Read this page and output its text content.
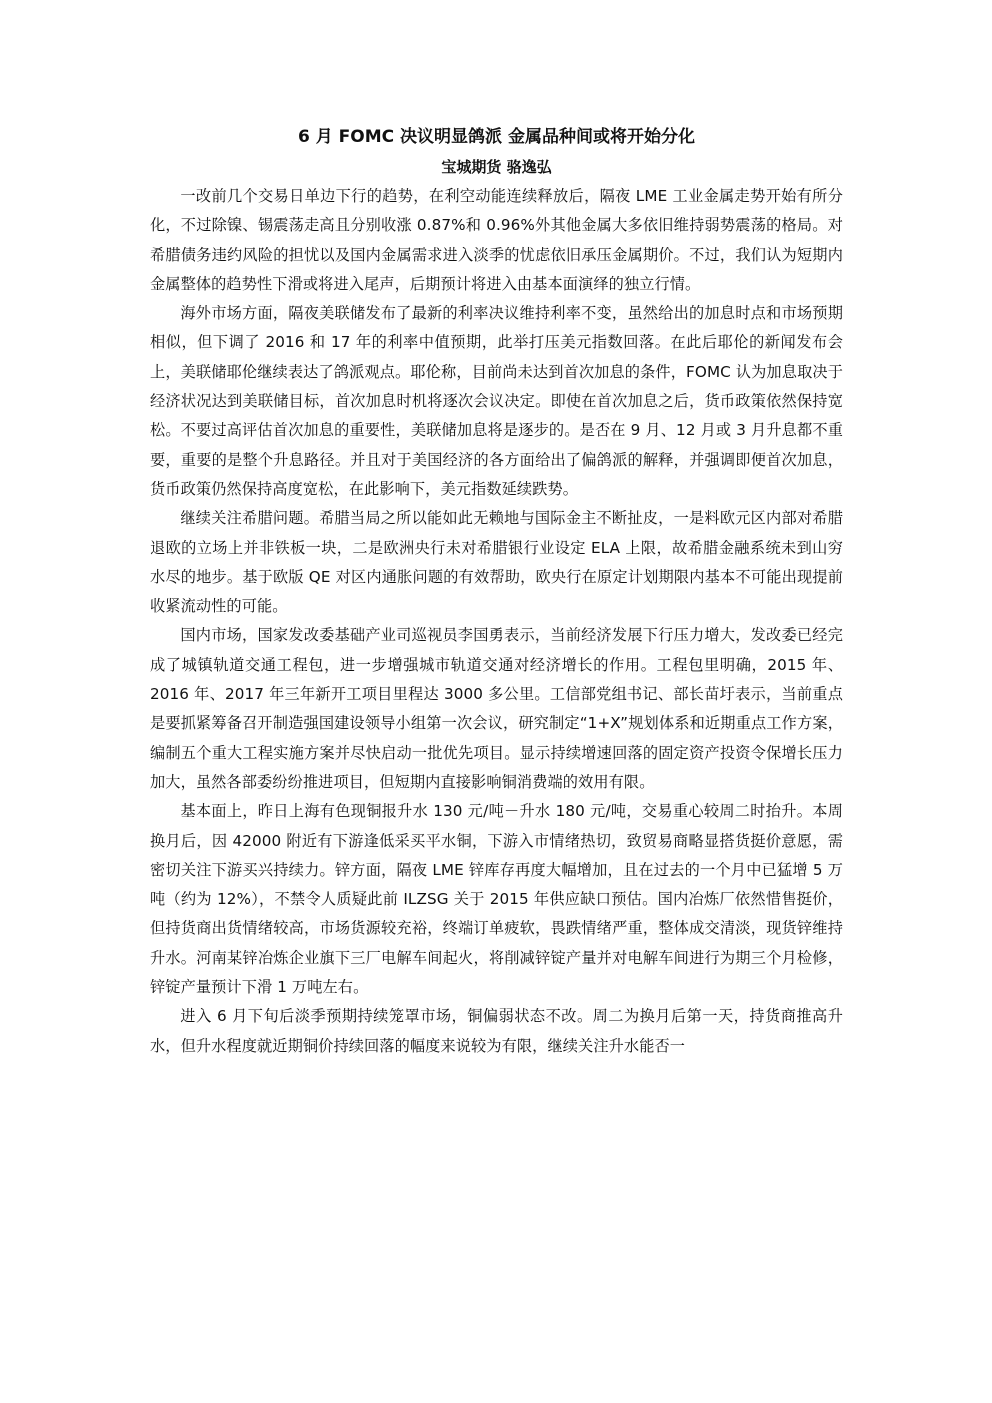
6 月 FOMC 决议明显鸽派 金属品种间或将开始分化
宝城期货 骆逸弘

一改前几个交易日单边下行的趋势，在利空动能连续释放后，隔夜 LME 工业金属走势开始有所分化，不过除镍、锡震荡走高且分别收涨 0.87%和 0.96%外其他金属大多依旧维持弱势震荡的格局。对希腊债务违约风险的担忧以及国内金属需求进入淡季的忧虑依旧承压金属期价。不过，我们认为短期内金属整体的趋势性下滑或将进入尾声，后期预计将进入由基本面演绎的独立行情。

海外市场方面，隔夜美联储发布了最新的利率决议维持利率不变，虽然给出的加息时点和市场预期相似，但下调了 2016 和 17 年的利率中值预期，此举打压美元指数回落。在此后耶伦的新闻发布会上，美联储耶伦继续表达了鸽派观点。耶伦称，目前尚未达到首次加息的条件，FOMC 认为加息取决于经济状况达到美联储目标，首次加息时机将逐次会议决定。即使在首次加息之后，货币政策依然保持宽松。不要过高评估首次加息的重要性，美联储加息将是逐步的。是否在 9 月、12 月或 3 月升息都不重要，重要的是整个升息路径。并且对于美国经济的各方面给出了偏鸽派的解释，并强调即便首次加息，货币政策仍然保持高度宽松，在此影响下，美元指数延续跌势。

继续关注希腊问题。希腊当局之所以能如此无赖地与国际金主不断扯皮，一是料欧元区内部对希腊退欧的立场上并非铁板一块，二是欧洲央行未对希腊银行业设定 ELA 上限，故希腊金融系统未到山穷水尽的地步。基于欧版 QE 对区内通胀问题的有效帮助，欧央行在原定计划期限内基本不可能出现提前收紧流动性的可能。

国内市场，国家发改委基础产业司巡视员李国勇表示，当前经济发展下行压力增大，发改委已经完成了城镇轨道交通工程包，进一步增强城市轨道交通对经济增长的作用。工程包里明确，2015 年、2016 年、2017 年三年新开工项目里程达 3000 多公里。工信部党组书记、部长苗圩表示，当前重点是要抓紧筹备召开制造强国建设领导小组第一次会议，研究制定“1+X”规划体系和近期重点工作方案，编制五个重大工程实施方案并尽快启动一批优先项目。显示持续增速回落的固定资产投资令保增长压力加大，虽然各部委纷纷推进项目，但短期内直接影响铜消费端的效用有限。

基本面上，昨日上海有色现铜报升水 130 元/吨－升水 180 元/吨，交易重心较周二时抬升。本周换月后，因 42000 附近有下游逢低采买平水铜，下游入市情绪热切，致贸易商略显搭货挺价意愿，需密切关注下游买兴持续力。锌方面，隔夜 LME 锌库存再度大幅增加，且在过去的一个月中已猛增 5 万吨（约为 12%），不禁令人质疑此前 ILZSG 关于 2015 年供应缺口预估。国内冶炼厂依然惜售挺价，但持货商出货情绪较高，市场货源较充裕，终端订单疲软，畏跌情绪严重，整体成交清淡，现货锌维持升水。河南某锌冶炼企业旗下三厂电解车间起火，将削减锌锭产量并对电解车间进行为期三个月检修，锌锭产量预计下滑 1 万吨左右。

进入 6 月下旬后淡季预期持续笼罩市场，铜偏弱状态不改。周二为换月后第一天，持货商推高升水，但升水程度就近期铜价持续回落的幅度来说较为有限，继续关注升水能否一
